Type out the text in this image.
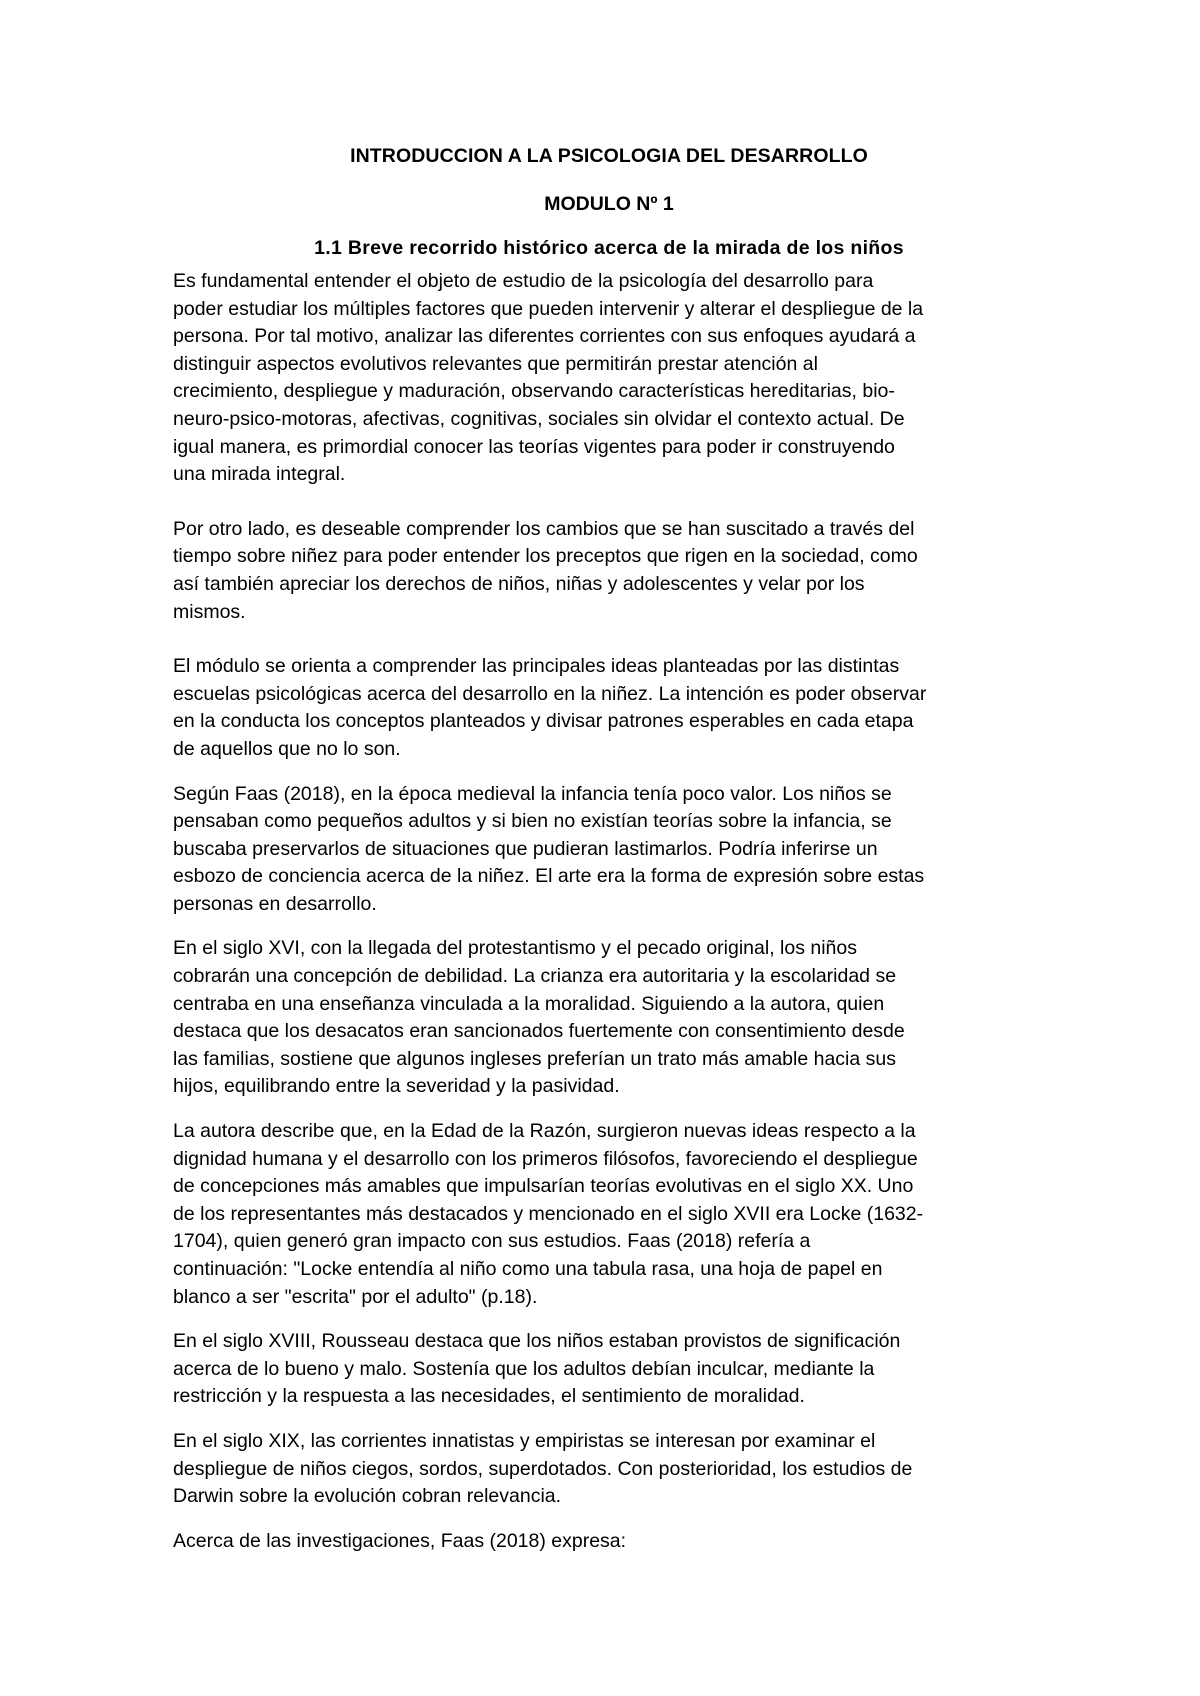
INTRODUCCION A LA PSICOLOGIA DEL DESARROLLO
MODULO Nº 1
1.1 Breve recorrido histórico acerca de la mirada de los niños

Es fundamental entender el objeto de estudio de la psicología del desarrollo para
poder estudiar los múltiples factores que pueden intervenir y alterar el despliegue de la
persona. Por tal motivo, analizar las diferentes corrientes con sus enfoques ayudará a
distinguir aspectos evolutivos relevantes que permitirán prestar atención al
crecimiento, despliegue y maduración, observando características hereditarias, bio-
neuro-psico-motoras, afectivas, cognitivas, sociales sin olvidar el contexto actual. De
igual manera, es primordial conocer las teorías vigentes para poder ir construyendo
una mirada integral.

Por otro lado, es deseable comprender los cambios que se han suscitado a través del
tiempo sobre niñez para poder entender los preceptos que rigen en la sociedad, como
así también apreciar los derechos de niños, niñas y adolescentes y velar por los
mismos.

El módulo se orienta a comprender las principales ideas planteadas por las distintas
escuelas psicológicas acerca del desarrollo en la niñez. La intención es poder observar
en la conducta los conceptos planteados y divisar patrones esperables en cada etapa
de aquellos que no lo son.

Según Faas (2018), en la época medieval la infancia tenía poco valor. Los niños se
pensaban como pequeños adultos y si bien no existían teorías sobre la infancia, se
buscaba preservarlos de situaciones que pudieran lastimarlos. Podría inferirse un
esbozo de conciencia acerca de la niñez. El arte era la forma de expresión sobre estas
personas en desarrollo.

En el siglo XVI, con la llegada del protestantismo y el pecado original, los niños
cobrarán una concepción de debilidad. La crianza era autoritaria y la escolaridad se
centraba en una enseñanza vinculada a la moralidad. Siguiendo a la autora, quien
destaca que los desacatos eran sancionados fuertemente con consentimiento desde
las familias, sostiene que algunos ingleses preferían un trato más amable hacia sus
hijos, equilibrando entre la severidad y la pasividad.

La autora describe que, en la Edad de la Razón, surgieron nuevas ideas respecto a la
dignidad humana y el desarrollo con los primeros filósofos, favoreciendo el despliegue
de concepciones más amables que impulsarían teorías evolutivas en el siglo XX. Uno
de los representantes más destacados y mencionado en el siglo XVII era Locke (1632-
1704), quien generó gran impacto con sus estudios. Faas (2018) refería a
continuación: "Locke entendía al niño como una tabula rasa, una hoja de papel en
blanco a ser "escrita" por el adulto" (p.18).

En el siglo XVIII, Rousseau destaca que los niños estaban provistos de significación
acerca de lo bueno y malo. Sostenía que los adultos debían inculcar, mediante la
restricción y la respuesta a las necesidades, el sentimiento de moralidad.

En el siglo XIX, las corrientes innatistas y empiristas se interesan por examinar el
despliegue de niños ciegos, sordos, superdotados. Con posterioridad, los estudios de
Darwin sobre la evolución cobran relevancia.

Acerca de las investigaciones, Faas (2018) expresa:
